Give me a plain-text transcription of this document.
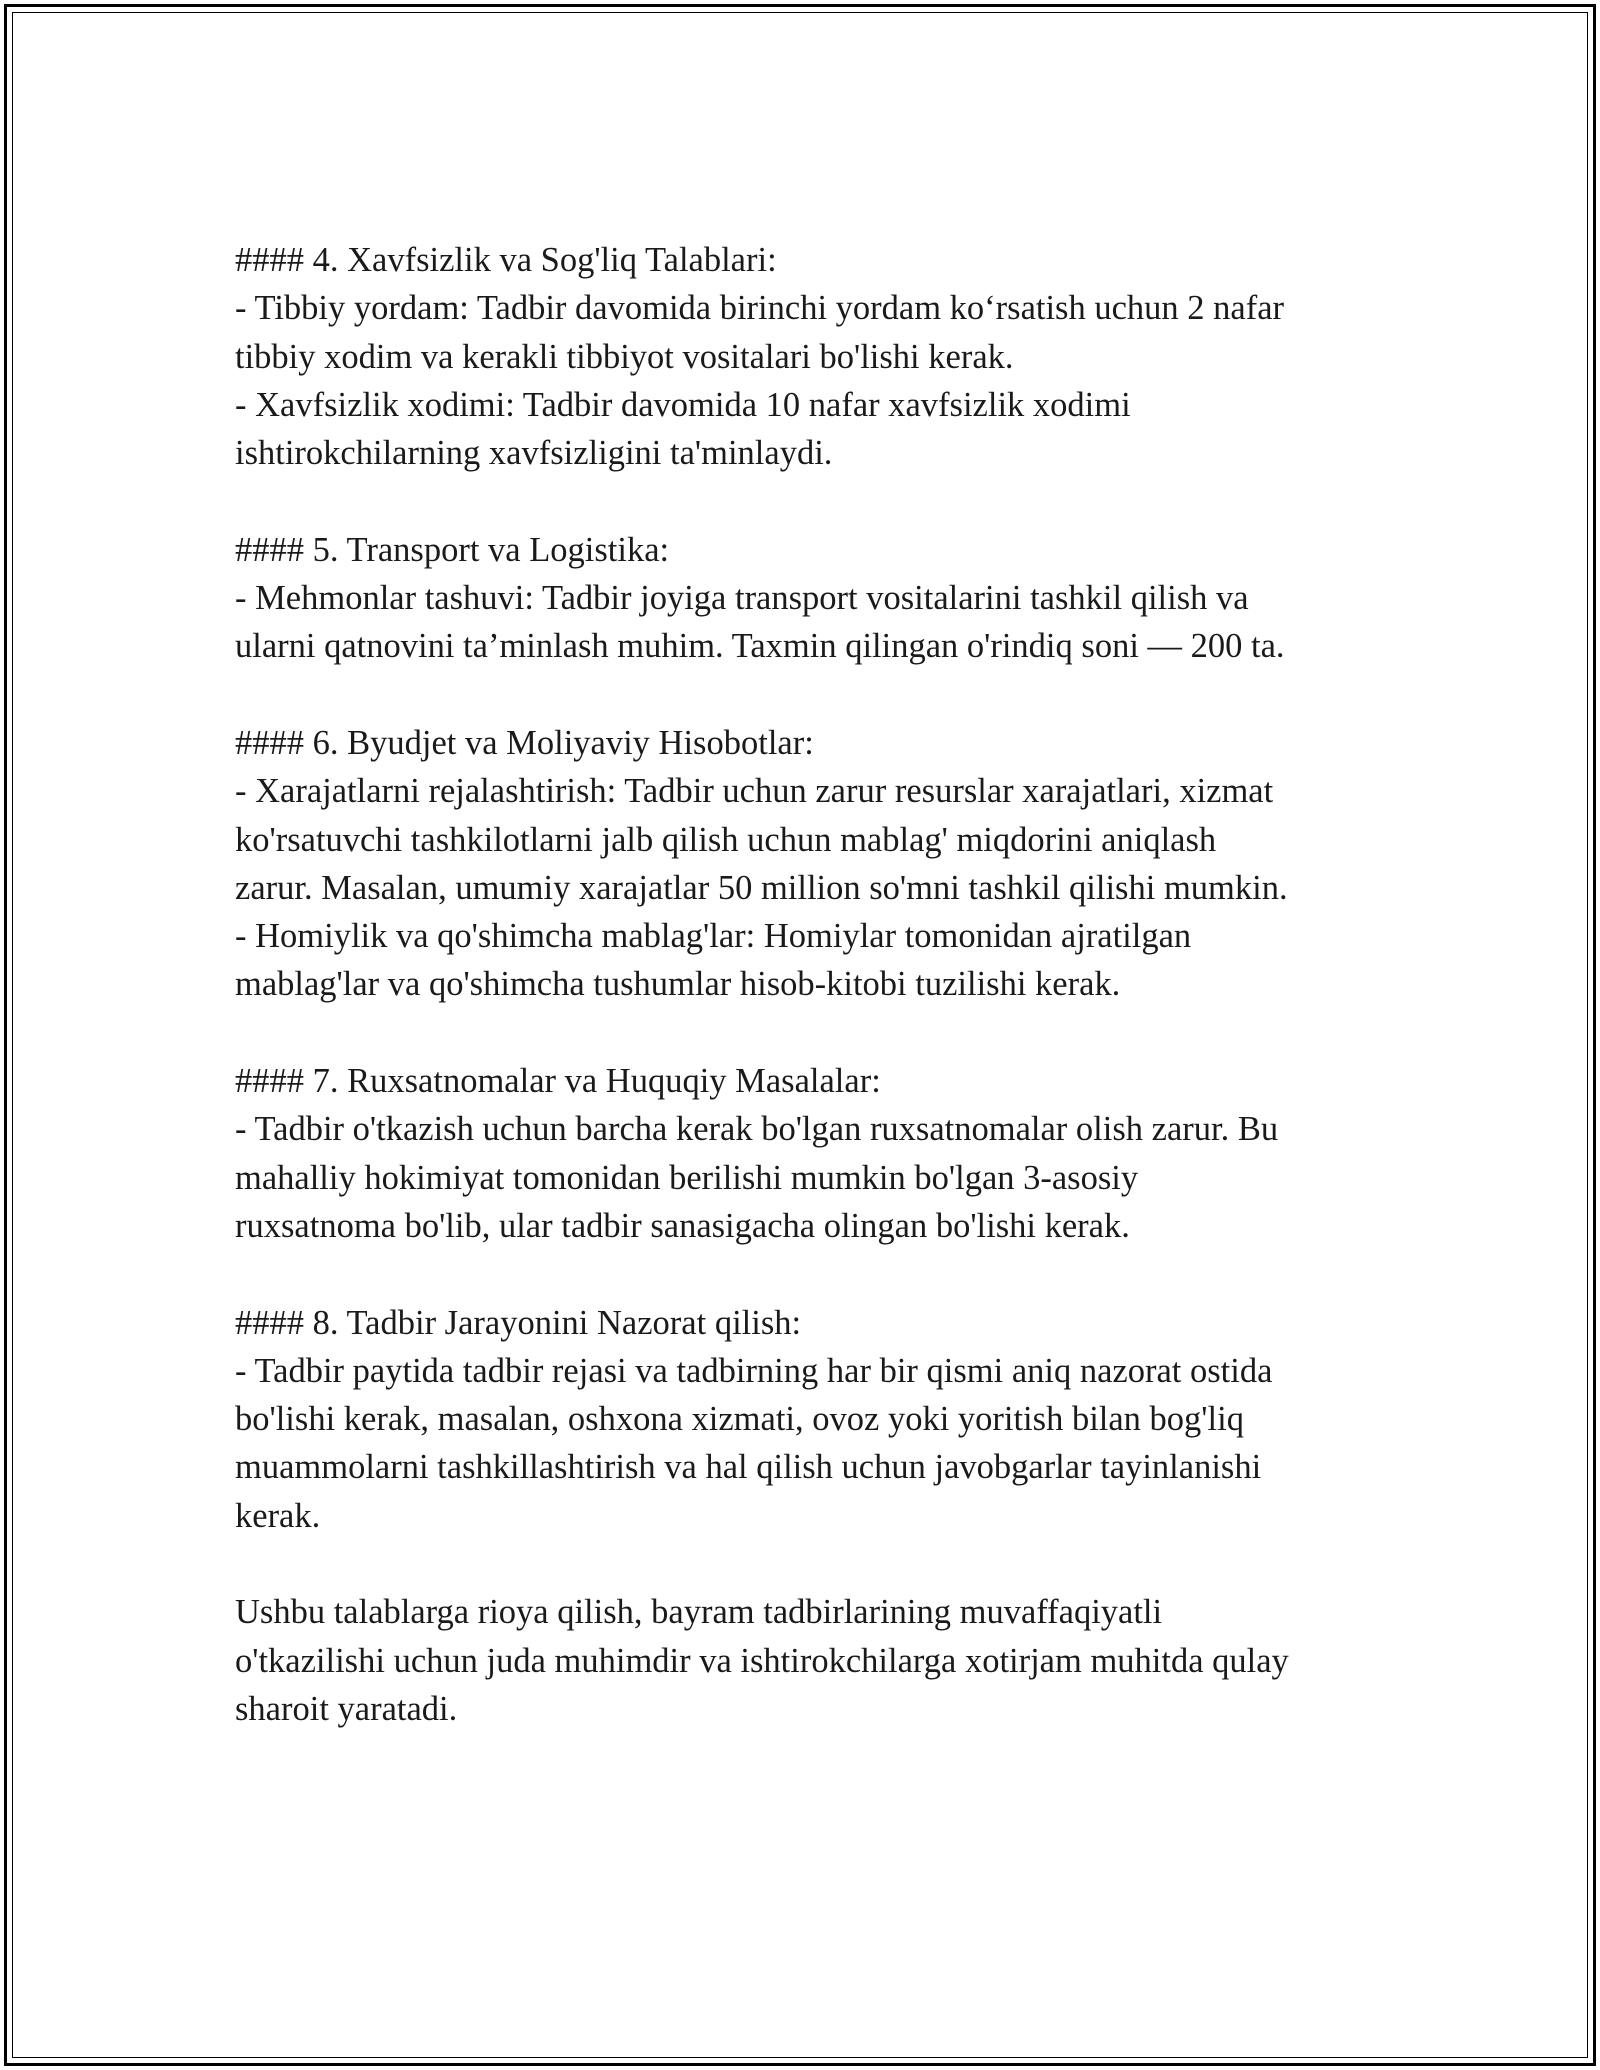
#### 4. Xavfsizlik va Sog'liq Talablari:
- Tibbiy yordam: Tadbir davomida birinchi yordam ko‘rsatish uchun 2 nafar
tibbiy xodim va kerakli tibbiyot vositalari bo'lishi kerak.
- Xavfsizlik xodimi: Tadbir davomida 10 nafar xavfsizlik xodimi
ishtirokchilarning xavfsizligini ta'minlaydi.
#### 5. Transport va Logistika:
- Mehmonlar tashuvi: Tadbir joyiga transport vositalarini tashkil qilish va
ularni qatnovini ta’minlash muhim. Taxmin qilingan o'rindiq soni — 200 ta.
#### 6. Byudjet va Moliyaviy Hisobotlar:
- Xarajatlarni rejalashtirish: Tadbir uchun zarur resurslar xarajatlari, xizmat
ko'rsatuvchi tashkilotlarni jalb qilish uchun mablag' miqdorini aniqlash
zarur. Masalan, umumiy xarajatlar 50 million so'mni tashkil qilishi mumkin.
- Homiylik va qo'shimcha mablag'lar: Homiylar tomonidan ajratilgan
mablag'lar va qo'shimcha tushumlar hisob-kitobi tuzilishi kerak.
#### 7. Ruxsatnomalar va Huquqiy Masalalar:
- Tadbir o'tkazish uchun barcha kerak bo'lgan ruxsatnomalar olish zarur. Bu
mahalliy hokimiyat tomonidan berilishi mumkin bo'lgan 3-asosiy
ruxsatnoma bo'lib, ular tadbir sanasigacha olingan bo'lishi kerak.
#### 8. Tadbir Jarayonini Nazorat qilish:
- Tadbir paytida tadbir rejasi va tadbirning har bir qismi aniq nazorat ostida
bo'lishi kerak, masalan, oshxona xizmati, ovoz yoki yoritish bilan bog'liq
muammolarni tashkillashtirish va hal qilish uchun javobgarlar tayinlanishi
kerak.
Ushbu talablarga rioya qilish, bayram tadbirlarining muvaffaqiyatli
o'tkazilishi uchun juda muhimdir va ishtirokchilarga xotirjam muhitda qulay
sharoit yaratadi.
